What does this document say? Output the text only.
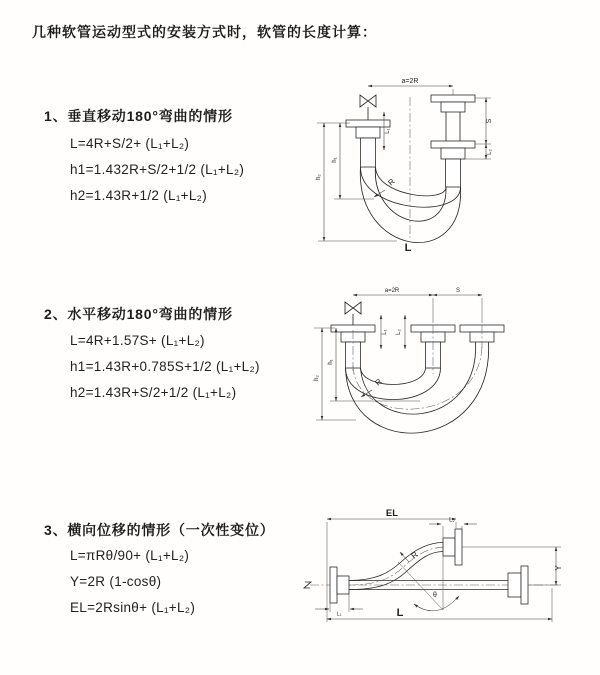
几种软管运动型式的安装方式时，软管的长度计算：
1、垂直移动180°弯曲的情形
L=4R+S/2+ (L₁+L₂)
h1=1.432R+S/2+1/2 (L₁+L₂)
h2=1.43R+1/2 (L₁+L₂)
2、水平移动180°弯曲的情形
L=4R+1.57S+ (L₁+L₂)
h1=1.43R+0.785S+1/2 (L₁+L₂)
h2=1.43R+S/2+1/2 (L₁+L₂)
3、横向位移的情形（一次性变位）
L=πRθ/90+ (L₁+L₂)
Y=2R (1-cosθ)
EL=2Rsinθ+ (L₁+L₂)
a=2R
L₁
S
L₂
h₁
h₂	R
L
a=2R	S
L₁ L₂
h₁
h₂	R
EL
L₂
θ
R
Y
L₁	L
